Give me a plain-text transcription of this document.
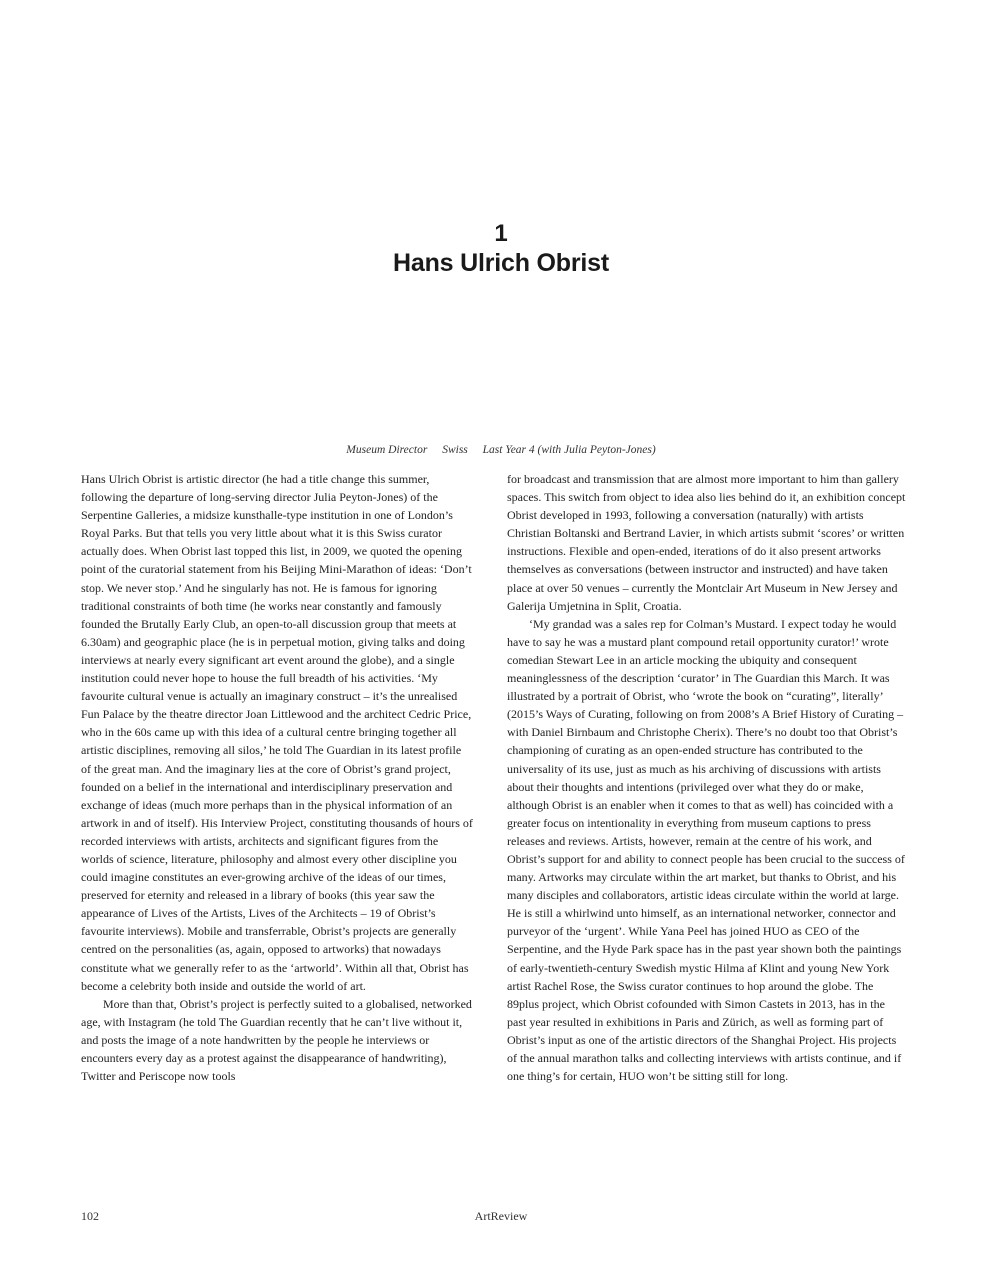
1
Hans Ulrich Obrist
Museum Director Swiss Last Year 4 (with Julia Peyton-Jones)

Hans Ulrich Obrist is artistic director (he had a title change this summer, following the departure of long-serving director Julia Peyton-Jones) of the Serpentine Galleries, a midsize kunsthalle-type institution in one of London’s Royal Parks. But that tells you very little about what it is this Swiss curator actually does. When Obrist last topped this list, in 2009, we quoted the opening point of the curatorial statement from his Beijing Mini-Marathon of ideas: ‘Don’t stop. We never stop.’ And he singularly has not. He is famous for ignoring traditional constraints of both time (he works near constantly and famously founded the Brutally Early Club, an open-to-all discussion group that meets at 6.30am) and geographic place (he is in perpetual motion, giving talks and doing interviews at nearly every significant art event around the globe), and a single institution could never hope to house the full breadth of his activities. ‘My favourite cultural venue is actually an imaginary construct – it’s the unrealised Fun Palace by the theatre director Joan Littlewood and the architect Cedric Price, who in the 60s came up with this idea of a cultural centre bringing together all artistic disciplines, removing all silos,’ he told The Guardian in its latest profile of the great man. And the imaginary lies at the core of Obrist’s grand project, founded on a belief in the international and interdisciplinary preservation and exchange of ideas (much more perhaps than in the physical information of an artwork in and of itself). His Interview Project, constituting thousands of hours of recorded interviews with artists, architects and significant figures from the worlds of science, literature, philosophy and almost every other discipline you could imagine constitutes an ever-growing archive of the ideas of our times, preserved for eternity and released in a library of books (this year saw the appearance of Lives of the Artists, Lives of the Architects – 19 of Obrist’s favourite interviews). Mobile and transferrable, Obrist’s projects are generally centred on the personalities (as, again, opposed to artworks) that nowadays constitute what we generally refer to as the ‘artworld’. Within all that, Obrist has become a celebrity both inside and outside the world of art.

More than that, Obrist’s project is perfectly suited to a globalised, networked age, with Instagram (he told The Guardian recently that he can’t live without it, and posts the image of a note handwritten by the people he interviews or encounters every day as a protest against the disappearance of handwriting), Twitter and Periscope now tools

for broadcast and transmission that are almost more important to him than gallery spaces. This switch from object to idea also lies behind do it, an exhibition concept Obrist developed in 1993, following a conversation (naturally) with artists Christian Boltanski and Bertrand Lavier, in which artists submit ‘scores’ or written instructions. Flexible and open-ended, iterations of do it also present artworks themselves as conversations (between instructor and instructed) and have taken place at over 50 venues – currently the Montclair Art Museum in New Jersey and Galerija Umjetnina in Split, Croatia.

‘My grandad was a sales rep for Colman’s Mustard. I expect today he would have to say he was a mustard plant compound retail opportunity curator!’ wrote comedian Stewart Lee in an article mocking the ubiquity and consequent meaninglessness of the description ‘curator’ in The Guardian this March. It was illustrated by a portrait of Obrist, who ‘wrote the book on “curating”, literally’ (2015’s Ways of Curating, following on from 2008’s A Brief History of Curating – with Daniel Birnbaum and Christophe Cherix). There’s no doubt too that Obrist’s championing of curating as an open-ended structure has contributed to the universality of its use, just as much as his archiving of discussions with artists about their thoughts and intentions (privileged over what they do or make, although Obrist is an enabler when it comes to that as well) has coincided with a greater focus on intentionality in everything from museum captions to press releases and reviews. Artists, however, remain at the centre of his work, and Obrist’s support for and ability to connect people has been crucial to the success of many. Artworks may circulate within the art market, but thanks to Obrist, and his many disciples and collaborators, artistic ideas circulate within the world at large. He is still a whirlwind unto himself, as an international networker, connector and purveyor of the ‘urgent’. While Yana Peel has joined HUO as CEO of the Serpentine, and the Hyde Park space has in the past year shown both the paintings of early-twentieth-century Swedish mystic Hilma af Klint and young New York artist Rachel Rose, the Swiss curator continues to hop around the globe. The 89plus project, which Obrist cofounded with Simon Castets in 2013, has in the past year resulted in exhibitions in Paris and Zürich, as well as forming part of Obrist’s input as one of the artistic directors of the Shanghai Project. His projects of the annual marathon talks and collecting interviews with artists continue, and if one thing’s for certain, HUO won’t be sitting still for long.

102	ArtReview
